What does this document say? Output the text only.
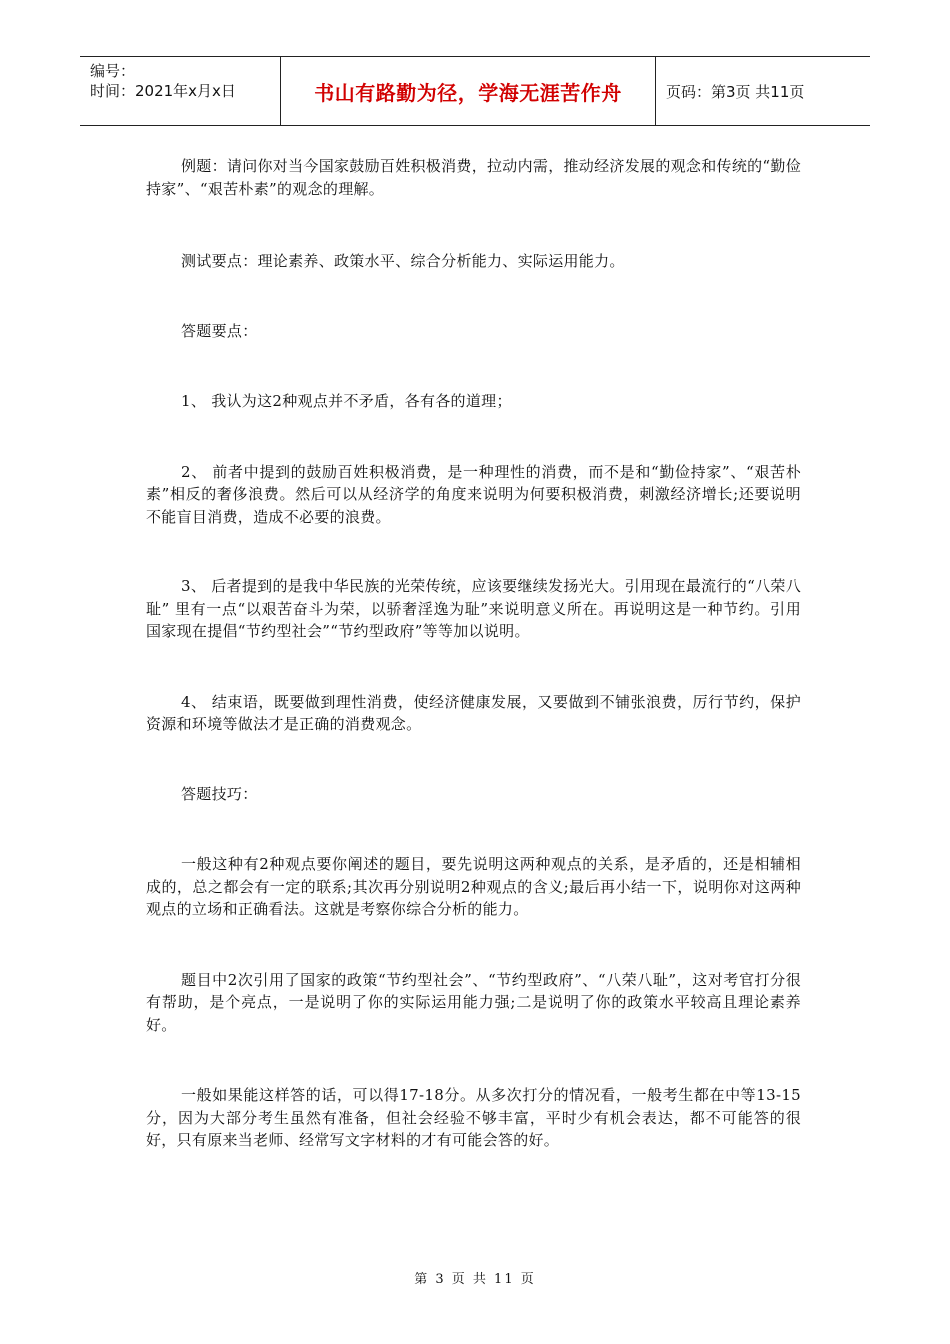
编号：
时间：2021年x月x日	书山有路勤为径，学海无涯苦作舟	页码：第3页 共11页

例题：请问你对当今国家鼓励百姓积极消费，拉动内需，推动经济发展的观念和传统的“勤俭持家”、“艰苦朴素”的观念的理解。

测试要点：理论素养、政策水平、综合分析能力、实际运用能力。

答题要点：

1、 我认为这2种观点并不矛盾，各有各的道理；

2、 前者中提到的鼓励百姓积极消费，是一种理性的消费，而不是和“勤俭持家”、“艰苦朴素”相反的奢侈浪费。然后可以从经济学的角度来说明为何要积极消费，刺激经济增长;还要说明不能盲目消费，造成不必要的浪费。

3、 后者提到的是我中华民族的光荣传统，应该要继续发扬光大。引用现在最流行的“八荣八耻” 里有一点“以艰苦奋斗为荣，以骄奢淫逸为耻”来说明意义所在。再说明这是一种节约。引用国家现在提倡“节约型社会”“节约型政府”等等加以说明。

4、 结束语，既要做到理性消费，使经济健康发展，又要做到不铺张浪费，厉行节约，保护资源和环境等做法才是正确的消费观念。

答题技巧：

一般这种有2种观点要你阐述的题目，要先说明这两种观点的关系，是矛盾的，还是相辅相成的，总之都会有一定的联系;其次再分别说明2种观点的含义;最后再小结一下，说明你对这两种观点的立场和正确看法。这就是考察你综合分析的能力。

题目中2次引用了国家的政策“节约型社会”、“节约型政府”、“八荣八耻”，这对考官打分很有帮助，是个亮点，一是说明了你的实际运用能力强;二是说明了你的政策水平较高且理论素养好。

一般如果能这样答的话，可以得17-18分。从多次打分的情况看，一般考生都在中等13-15分，因为大部分考生虽然有准备，但社会经验不够丰富，平时少有机会表达，都不可能答的很好，只有原来当老师、经常写文字材料的才有可能会答的好。

第 3 页 共 11 页
